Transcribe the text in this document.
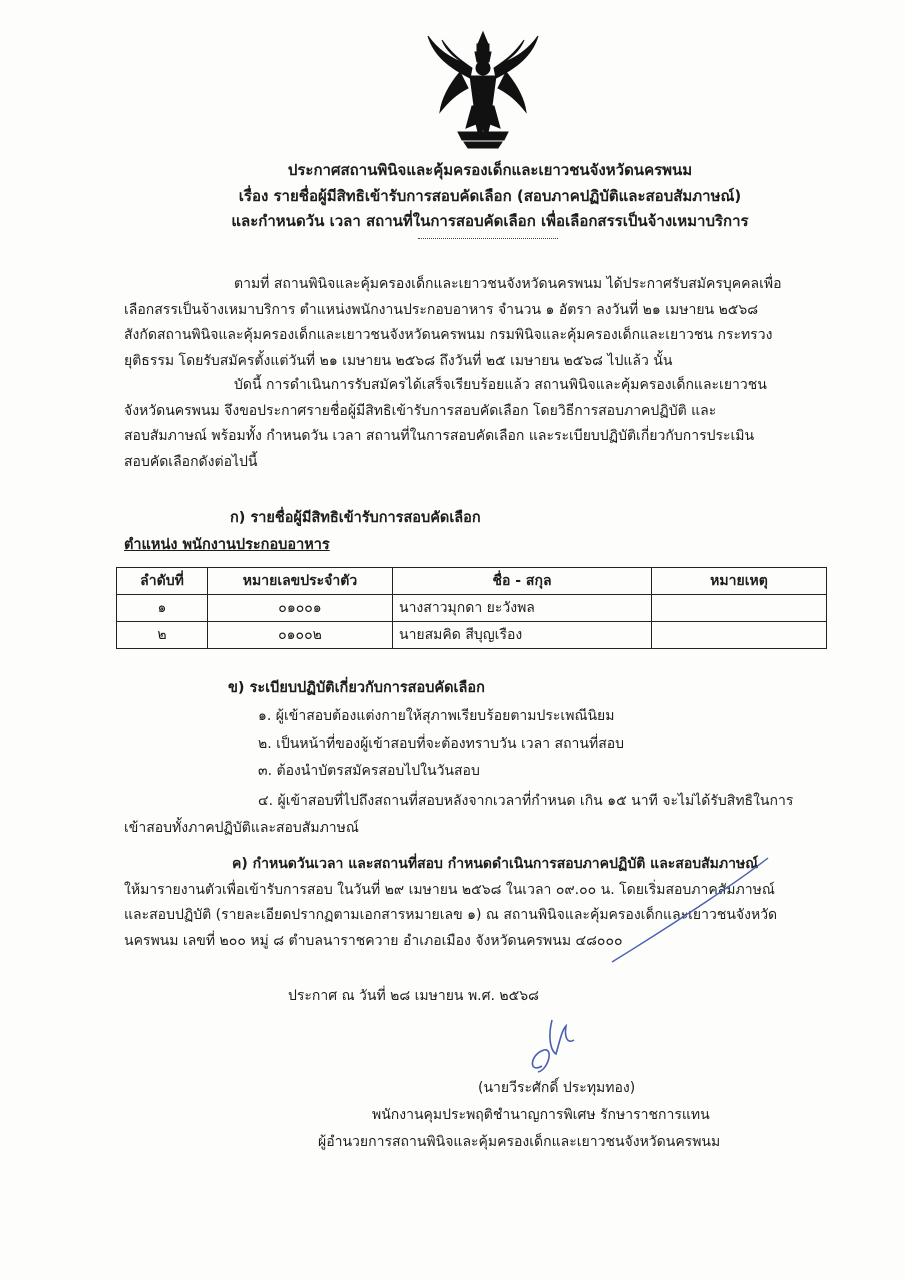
ประกาศสถานพินิจและคุ้มครองเด็กและเยาวชนจังหวัดนครพนม
เรื่อง รายชื่อผู้มีสิทธิเข้ารับการสอบคัดเลือก (สอบภาคปฏิบัติและสอบสัมภาษณ์)
และกำหนดวัน เวลา สถานที่ในการสอบคัดเลือก เพื่อเลือกสรรเป็นจ้างเหมาบริการ
ตามที่ สถานพินิจและคุ้มครองเด็กและเยาวชนจังหวัดนครพนม ได้ประกาศรับสมัครบุคคลเพื่อ
เลือกสรรเป็นจ้างเหมาบริการ ตำแหน่งพนักงานประกอบอาหาร จำนวน ๑ อัตรา ลงวันที่ ๒๑ เมษายน ๒๕๖๘
สังกัดสถานพินิจและคุ้มครองเด็กและเยาวชนจังหวัดนครพนม กรมพินิจและคุ้มครองเด็กและเยาวชน กระทรวง
ยุติธรรม โดยรับสมัครตั้งแต่วันที่ ๒๑ เมษายน ๒๕๖๘ ถึงวันที่ ๒๕ เมษายน ๒๕๖๘ ไปแล้ว นั้น
บัดนี้ การดำเนินการรับสมัครได้เสร็จเรียบร้อยแล้ว สถานพินิจและคุ้มครองเด็กและเยาวชน
จังหวัดนครพนม จึงขอประกาศรายชื่อผู้มีสิทธิเข้ารับการสอบคัดเลือก โดยวิธีการสอบภาคปฏิบัติ และ
สอบสัมภาษณ์ พร้อมทั้ง กำหนดวัน เวลา สถานที่ในการสอบคัดเลือก และระเบียบปฏิบัติเกี่ยวกับการประเมิน
สอบคัดเลือกดังต่อไปนี้
ก) รายชื่อผู้มีสิทธิเข้ารับการสอบคัดเลือก
ตำแหน่ง พนักงานประกอบอาหาร
ลำดับที่	หมายเลขประจำตัว	ชื่อ - สกุล	หมายเหตุ
๑	๐๑๐๐๑	นางสาวมุกดา ยะวังพล	
๒	๐๑๐๐๒	นายสมคิด สีบุญเรือง	
ข) ระเบียบปฏิบัติเกี่ยวกับการสอบคัดเลือก
๑. ผู้เข้าสอบต้องแต่งกายให้สุภาพเรียบร้อยตามประเพณีนิยม
๒. เป็นหน้าที่ของผู้เข้าสอบที่จะต้องทราบวัน เวลา สถานที่สอบ
๓. ต้องนำบัตรสมัครสอบไปในวันสอบ
๔. ผู้เข้าสอบที่ไปถึงสถานที่สอบหลังจากเวลาที่กำหนด เกิน ๑๕ นาที จะไม่ได้รับสิทธิในการ
เข้าสอบทั้งภาคปฏิบัติและสอบสัมภาษณ์
ค) กำหนดวันเวลา และสถานที่สอบ กำหนดดำเนินการสอบภาคปฏิบัติ และสอบสัมภาษณ์
ให้มารายงานตัวเพื่อเข้ารับการสอบ ในวันที่ ๒๙ เมษายน ๒๕๖๘ ในเวลา ๐๙.๐๐ น. โดยเริ่มสอบภาคสัมภาษณ์
และสอบปฏิบัติ (รายละเอียดปรากฏตามเอกสารหมายเลข ๑) ณ สถานพินิจและคุ้มครองเด็กและเยาวชนจังหวัด
นครพนม เลขที่ ๒๐๐ หมู่ ๘ ตำบลนาราชควาย อำเภอเมือง จังหวัดนครพนม ๔๘๐๐๐
ประกาศ ณ วันที่ ๒๘ เมษายน พ.ศ. ๒๕๖๘
(นายวีระศักดิ์ ประทุมทอง)
พนักงานคุมประพฤติชำนาญการพิเศษ รักษาราชการแทน
ผู้อำนวยการสถานพินิจและคุ้มครองเด็กและเยาวชนจังหวัดนครพนม
